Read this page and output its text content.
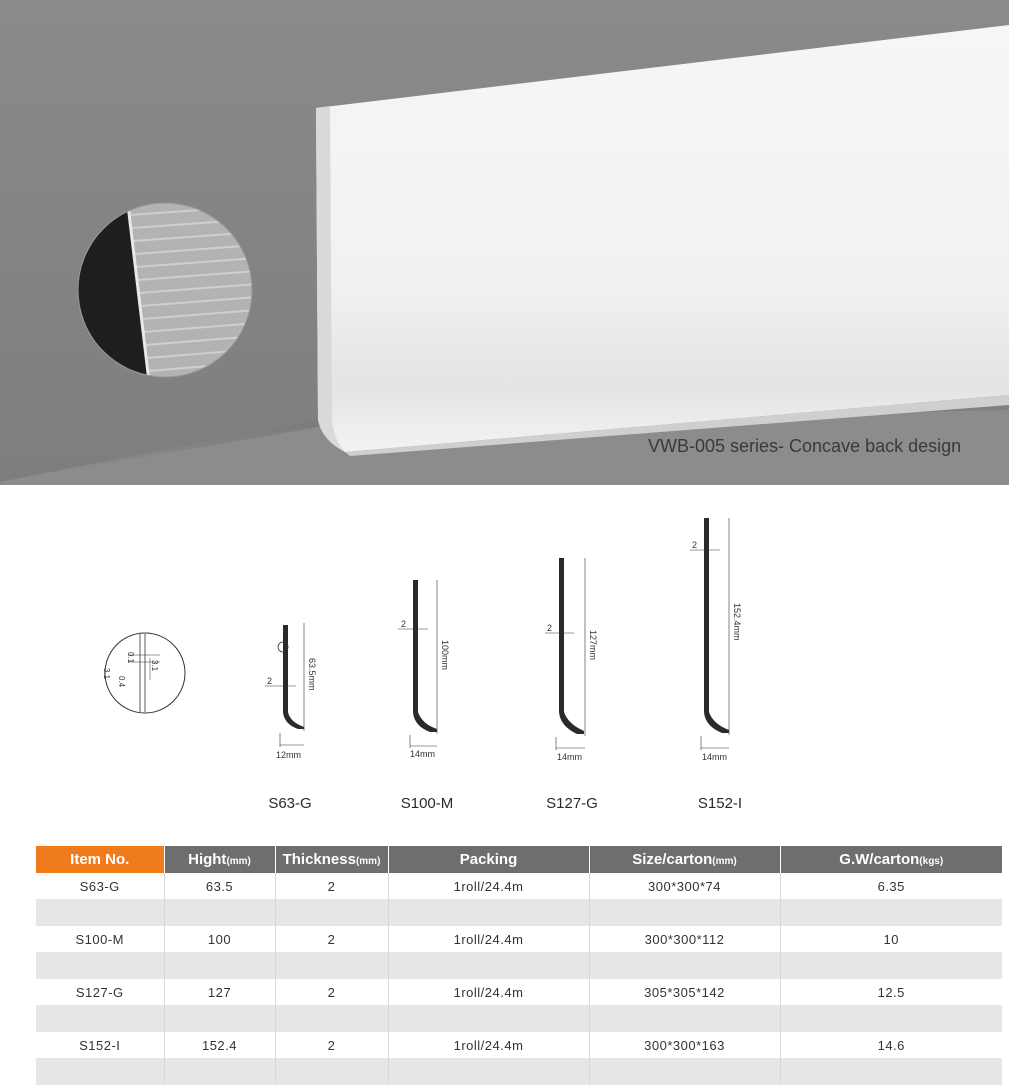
VWB-005 series- Concave back design
3.1
0.1
3.1
0.4	2	63.5mm
12mm
2
100mm
14mm
2
127mm
14mm
2
152.4mm
14mm
S63-G	S100-M	S127-G	S152-I
Item No.	Hight(mm)	Thickness(mm)	Packing	Size/carton(mm)	G.W/carton(kgs)
S63-G	63.5	2	1roll/24.4m	300*300*74	6.35

S100-M	100	2	1roll/24.4m	300*300*112	10

S127-G	127	2	1roll/24.4m	305*305*142	12.5

S152-I	152.4	2	1roll/24.4m	300*300*163	14.6
